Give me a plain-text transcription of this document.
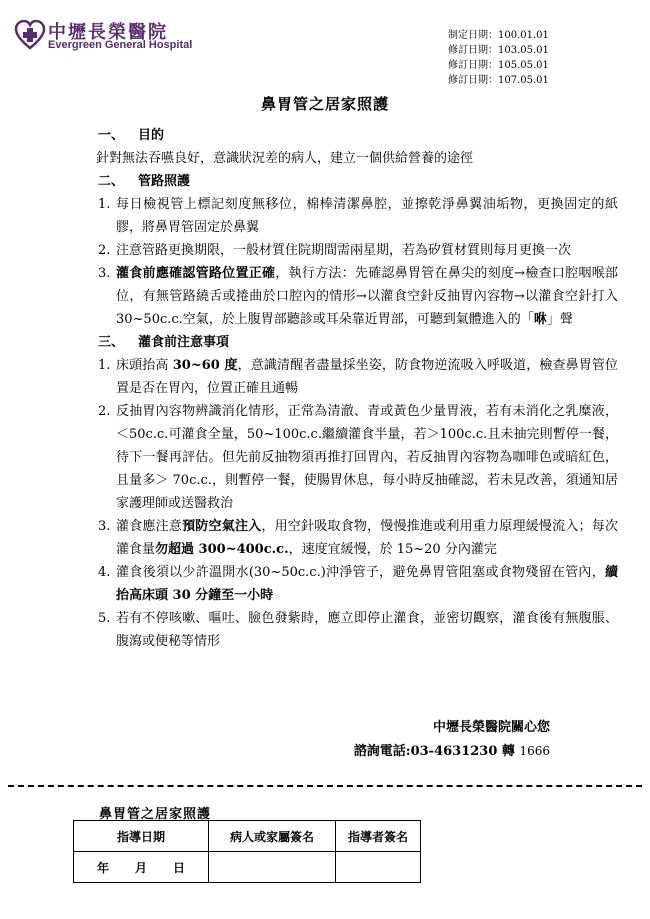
中壢長榮醫院
Evergreen General Hospital
制定日期：100.01.01
修訂日期：103.05.01
修訂日期：105.05.01
修訂日期：107.05.01
鼻胃管之居家照護
一、 目的
針對無法吞嚥良好，意識狀況差的病人，建立一個供給營養的途徑
二、 管路照護
1. 每日檢視管上標記刻度無移位，棉棒清潔鼻腔，並擦乾淨鼻翼油垢物，更換固定的紙膠，將鼻胃管固定於鼻翼
2. 注意管路更換期限，一般材質住院期間需兩星期，若為矽質材質則每月更換一次
3. 灌食前應確認管路位置正確，執行方法：先確認鼻胃管在鼻尖的刻度→檢查口腔咽喉部位，有無管路繞舌或捲曲於口腔內的情形→以灌食空針反抽胃內容物→以灌食空針打入 30~50c.c.空氣，於上腹胃部聽診或耳朵靠近胃部，可聽到氣體進入的「咻」聲
三、 灌食前注意事項
1. 床頭抬高 30~60 度，意識清醒者盡量採坐姿，防食物逆流吸入呼吸道，檢查鼻胃管位置是否在胃內，位置正確且通暢
2. 反抽胃內容物辨識消化情形，正常為清澈、青或黃色少量胃液，若有未消化之乳糜液，＜50c.c.可灌食全量，50~100c.c.繼續灌食半量，若＞100c.c.且未抽完則暫停一餐，待下一餐再評估。但先前反抽物須再推打回胃內，若反抽胃內容物為咖啡色或暗紅色，且量多＞ 70c.c.，則暫停一餐，使腸胃休息，每小時反抽確認，若未見改善，須通知居家護理師或送醫救治
3. 灌食應注意預防空氣注入，用空針吸取食物，慢慢推進或利用重力原理緩慢流入；每次灌食量勿超過 300~400c.c.，速度宜緩慢，於 15~20 分內灌完
4. 灌食後須以少許溫開水(30~50c.c.)沖淨管子，避免鼻胃管阻塞或食物殘留在管內，續抬高床頭 30 分鐘至一小時
5. 若有不停咳嗽、嘔吐、臉色發紫時，應立即停止灌食，並密切觀察，灌食後有無腹脹、腹瀉或便秘等情形
中壢長榮醫院關心您
諮詢電話:03-4631230 轉 1666
鼻胃管之居家照護
指導日期	病人或家屬簽名	指導者簽名
年 月 日		
